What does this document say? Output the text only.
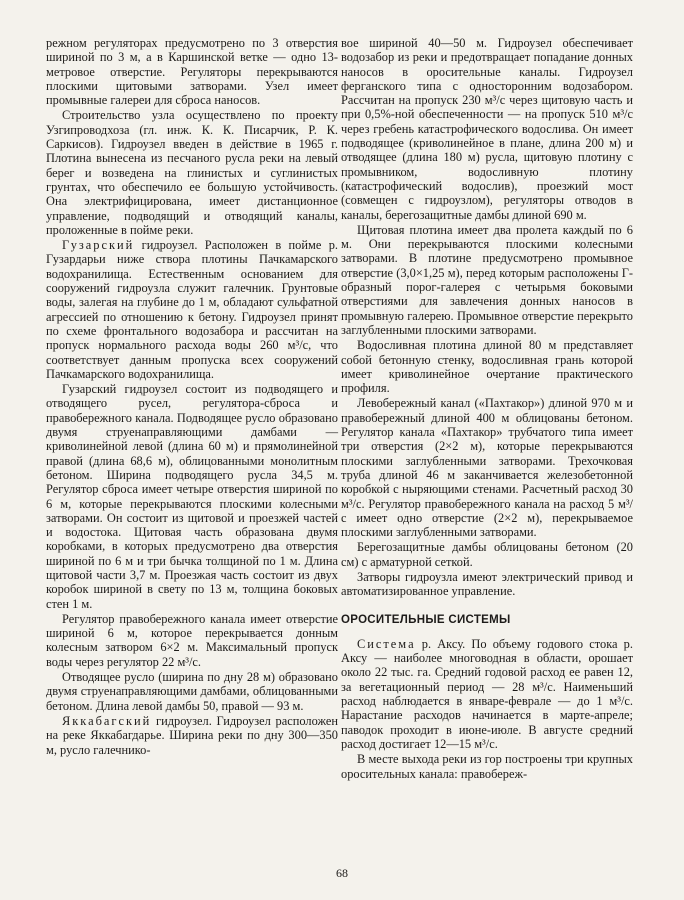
режном регуляторах предусмотрено по 3 отверстия шириной по 3 м, а в Каршинской ветке — одно 13-метровое отверстие. Регуляторы перекрываются плоскими щитовыми затворами. Узел имеет промывные галереи для сброса наносов.

Строительство узла осуществлено по проекту Узгипроводхоза (гл. инж. К. К. Писарчик, Р. К. Саркисов). Гидроузел введен в действие в 1965 г. Плотина вынесена из песчаного русла реки на левый берег и возведена на глинистых и суглинистых грунтах, что обеспечило ее большую устойчивость. Она электрифицирована, имеет дистанционное управление, подводящий и отводящий каналы, проложенные в пойме реки.

Гузарский гидроузел. Расположен в пойме р. Гузардарьи ниже створа плотины Пачкамарского водохранилища. Естественным основанием для сооружений гидроузла служит галечник. Грунтовые воды, залегая на глубине до 1 м, обладают сульфатной агрессией по отношению к бетону. Гидроузел принят по схеме фронтального водозабора и рассчитан на пропуск нормального расхода воды 260 м³/с, что соответствует данным пропуска всех сооружений Пачкамарского водохранилища.

Гузарский гидроузел состоит из подводящего и отводящего русел, регулятора-сброса и правобережного канала. Подводящее русло образовано двумя струенаправляющими дамбами — криволинейной левой (длина 60 м) и прямолинейной правой (длина 68,6 м), облицованными монолитным бетоном. Ширина подводящего русла 34,5 м. Регулятор сброса имеет четыре отверстия шириной по 6 м, которые перекрываются плоскими колесными затворами. Он состоит из щитовой и проезжей частей и водостока. Щитовая часть образована двумя коробками, в которых предусмотрено два отверстия шириной по 6 м и три бычка толщиной по 1 м. Длина щитовой части 3,7 м. Проезжая часть состоит из двух коробок шириной в свету по 13 м, толщина боковых стен 1 м.

Регулятор правобережного канала имеет отверстие шириной 6 м, которое перекрывается донным колесным затвором 6×2 м. Максимальный пропуск воды через регулятор 22 м³/с.

Отводящее русло (ширина по дну 28 м) образовано двумя струенаправляющими дамбами, облицованными бетоном. Длина левой дамбы 50, правой — 93 м.

Яккабагский гидроузел. Гидроузел расположен на реке Яккабагдарье. Ширина реки по дну 300—350 м, русло галечнико-

вое шириной 40—50 м. Гидроузел обеспечивает водозабор из реки и предотвращает попадание донных наносов в оросительные каналы. Гидроузел ферганского типа с односторонним водозабором. Рассчитан на пропуск 230 м³/с через щитовую часть и при 0,5%-ной обеспеченности — на пропуск 510 м³/с через гребень катастрофического водослива. Он имеет подводящее (криволинейное в плане, длина 200 м) и отводящее (длина 180 м) русла, щитовую плотину с промывником, водосливную плотину (катастрофический водослив), проезжий мост (совмещен с гидроузлом), регуляторы отводов в каналы, берегозащитные дамбы длиной 690 м.

Щитовая плотина имеет два пролета каждый по 6 м. Они перекрываются плоскими колесными затворами. В плотине предусмотрено промывное отверстие (3,0×1,25 м), перед которым расположены Г-образный порог-галерея с четырьмя боковыми отверстиями для завлечения донных наносов в промывную галерею. Промывное отверстие перекрыто заглубленными плоскими затворами.

Водосливная плотина длиной 80 м представляет собой бетонную стенку, водосливная грань которой имеет криволинейное очертание практического профиля.

Левобережный канал («Пахтакор») длиной 970 м и правобережный длиной 400 м облицованы бетоном. Регулятор канала «Пахтакор» трубчатого типа имеет три отверстия (2×2 м), которые перекрываются плоскими заглубленными затворами. Трехочковая труба длиной 46 м заканчивается железобетонной коробкой с ныряющими стенами. Расчетный расход 30 м³/с. Регулятор правобережного канала на расход 5 м³/с имеет одно отверстие (2×2 м), перекрываемое плоскими заглубленными затворами.

Берегозащитные дамбы облицованы бетоном (20 см) с арматурной сеткой.

Затворы гидроузла имеют электрический привод и автоматизированное управление.

ОРОСИТЕЛЬНЫЕ СИСТЕМЫ

Система р. Аксу. По объему годового стока р. Аксу — наиболее многоводная в области, орошает около 22 тыс. га. Средний годовой расход ее равен 12, за вегетационный период — 28 м³/с. Наименьший расход наблюдается в январе-феврале — до 1 м³/с. Нарастание расходов начинается в марте-апреле; паводок проходит в июне-июле. В августе средний расход достигает 12—15 м³/с.

В месте выхода реки из гор построены три крупных оросительных канала: правобереж-

68
